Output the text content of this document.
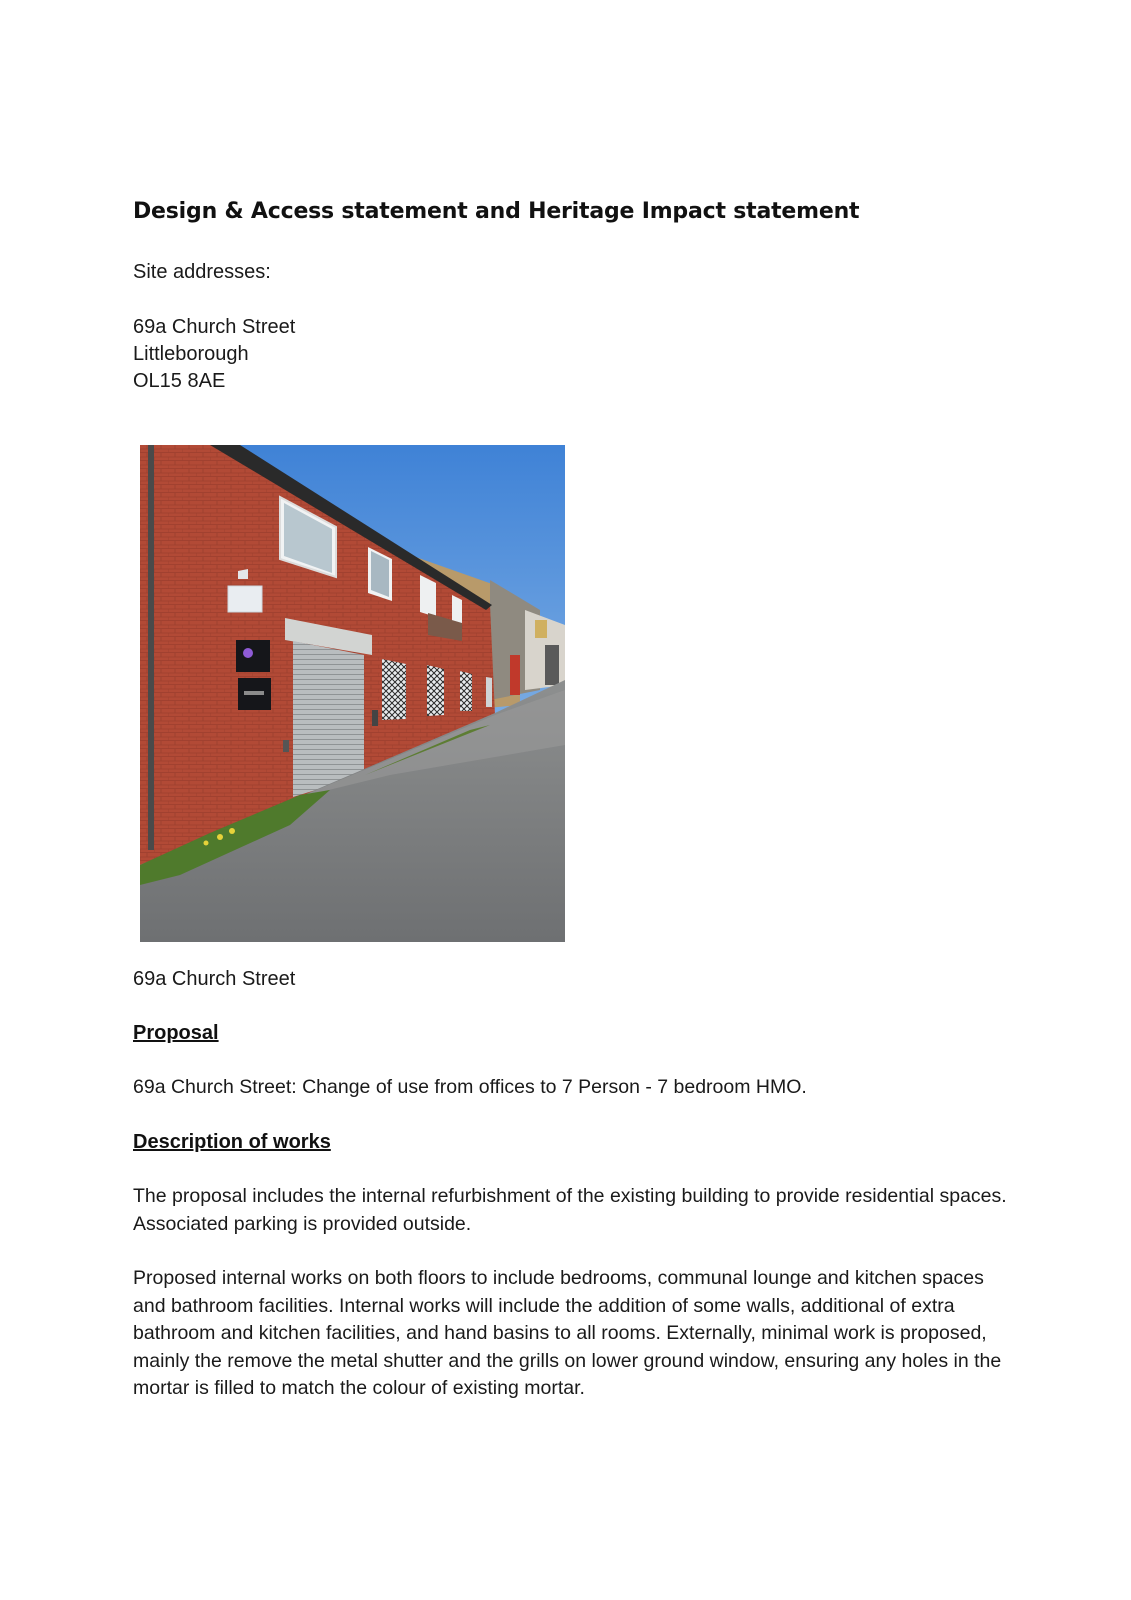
Design & Access statement and Heritage Impact statement

Site addresses:

69a Church Street
Littleborough
OL15 8AE

69a Church Street

Proposal

69a Church Street: Change of use from offices to 7 Person - 7 bedroom HMO.

Description of works

The proposal includes the internal refurbishment of the existing building to provide residential spaces. Associated parking is provided outside.

Proposed internal works on both floors to include bedrooms, communal lounge and kitchen spaces and bathroom facilities. Internal works will include the addition of some walls, additional of extra bathroom and kitchen facilities, and hand basins to all rooms. Externally, minimal work is proposed, mainly the remove the metal shutter and the grills on lower ground window, ensuring any holes in the mortar is filled to match the colour of existing mortar.
